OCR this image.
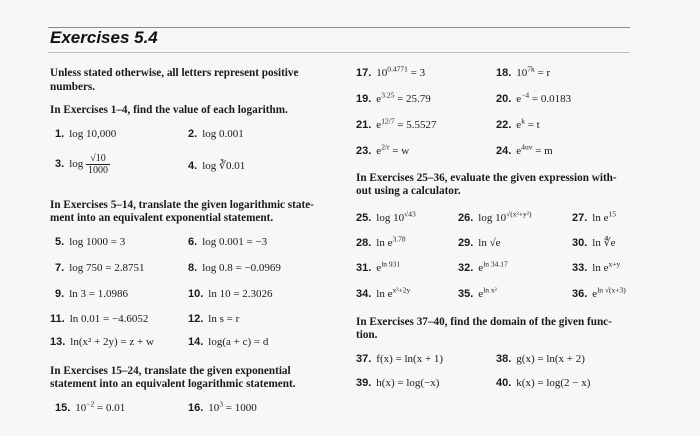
Exercises 5.4
Unless stated otherwise, all letters represent positive
numbers.
In Exercises 1–4, find the value of each logarithm.
1. log 10,000	2. log 0.001
3. $\log \frac{√10}{1000}$	4. log ∛0.01
In Exercises 5–14, translate the given logarithmic state-
ment into an equivalent exponential statement.
5. log 1000 = 3	6. log 0.001 = −3
7. log 750 = 2.8751	8. log 0.8 = −0.0969
9. ln 3 = 1.0986	10. ln 10 = 2.3026
11. ln 0.01 = −4.6052	12. ln s = r
13. ln(x² + 2y) = z + w	14. log(a + c) = d
In Exercises 15–24, translate the given exponential
statement into an equivalent logarithmic statement.
15. $10^{-2} = 0.01$	16. $10^3 = 1000$
17. $10^{0.4771} = 3$	18. $10^{7k} = r$
19. $e^{3.25} = 25.79$	20. $e^{-4} = 0.0183$
21. $e^{12/7} = 5.5527$	22. $e^k = t$
23. $e^{2/r} = w$	24. $e^{4uv} = m$
In Exercises 25–36, evaluate the given expression with-
out using a calculator.
25. $\log 10^{√43}$	26. $\log 10^{√(x^2+y^2)}$	27. $\ln e^{15}$
28. $\ln e^{3.78}$	29. ln √e	30. ln ∜e
31. $e^{ln 931}$	32. $e^{ln 34.17}$	33. $\ln e^{x+y}$
34. $\ln e^{x^2+2y}$	35. $e^{ln x^2}$	36. $e^{ln √(x+3)}$
In Exercises 37–40, find the domain of the given func-
tion.
37. f(x) = ln(x + 1)	38. g(x) = ln(x + 2)
39. h(x) = log(−x)	40. k(x) = log(2 − x)
